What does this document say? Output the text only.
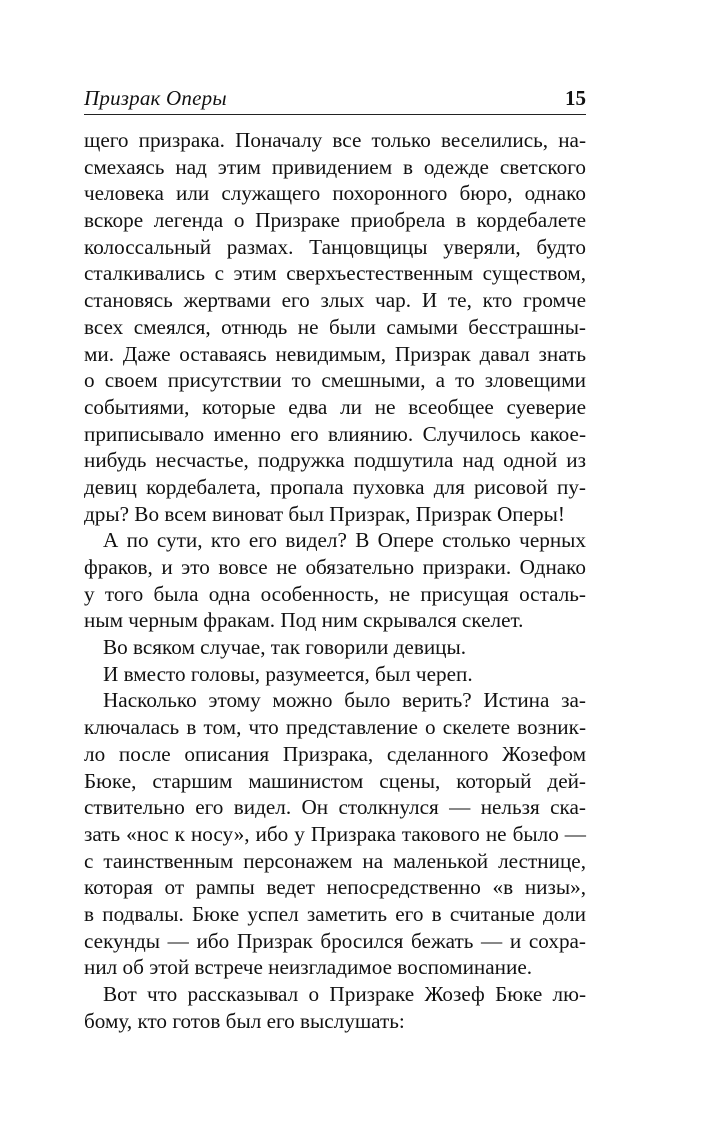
Призрак Оперы	15
щего призрака. Поначалу все только веселились, на-
смехаясь над этим привидением в одежде светского
человека или служащего похоронного бюро, однако
вскоре легенда о Призраке приобрела в кордебалете
колоссальный размах. Танцовщицы уверяли, будто
сталкивались с этим сверхъестественным существом,
становясь жертвами его злых чар. И те, кто громче
всех смеялся, отнюдь не были самыми бесстрашны-
ми. Даже оставаясь невидимым, Призрак давал знать
о своем присутствии то смешными, а то зловещими
событиями, которые едва ли не всеобщее суеверие
приписывало именно его влиянию. Случилось какое-
нибудь несчастье, подружка подшутила над одной из
девиц кордебалета, пропала пуховка для рисовой пу-
дры? Во всем виноват был Призрак, Призрак Оперы!
А по сути, кто его видел? В Опере столько черных
фраков, и это вовсе не обязательно призраки. Однако
у того была одна особенность, не присущая осталь-
ным черным фракам. Под ним скрывался скелет.
Во всяком случае, так говорили девицы.
И вместо головы, разумеется, был череп.
Насколько этому можно было верить? Истина за-
ключалась в том, что представление о скелете возник-
ло после описания Призрака, сделанного Жозефом
Бюке, старшим машинистом сцены, который дей-
ствительно его видел. Он столкнулся — нельзя ска-
зать «нос к носу», ибо у Призрака такового не было —
с таинственным персонажем на маленькой лестнице,
которая от рампы ведет непосредственно «в низы»,
в подвалы. Бюке успел заметить его в считаные доли
секунды — ибо Призрак бросился бежать — и сохра-
нил об этой встрече неизгладимое воспоминание.
Вот что рассказывал о Призраке Жозеф Бюке лю-
бому, кто готов был его выслушать:
